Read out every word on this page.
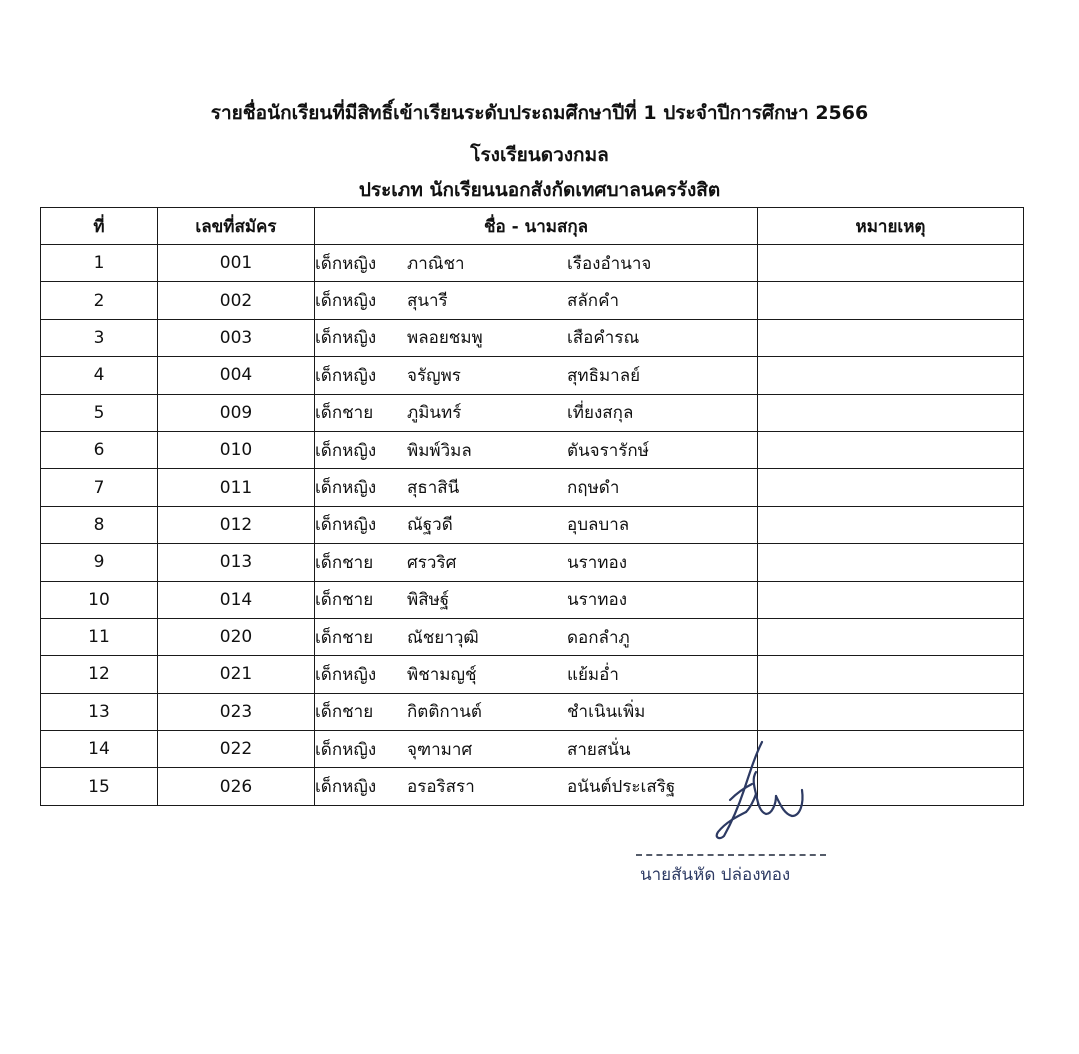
รายชื่อนักเรียนที่มีสิทธิ์เข้าเรียนระดับประถมศึกษาปีที่ 1 ประจำปีการศึกษา 2566
โรงเรียนดวงกมล
ประเภท นักเรียนนอกสังกัดเทศบาลนครรังสิต
ที่	เลขที่สมัคร	ชื่อ - นามสกุล	หมายเหตุ
1	001	เด็กหญิง ภาณิชา เรืองอำนาจ	
2	002	เด็กหญิง สุนารี สลักคำ	
3	003	เด็กหญิง พลอยชมพู เสือคำรณ	
4	004	เด็กหญิง จรัญพร สุทธิมาลย์	
5	009	เด็กชาย ภูมินทร์ เที่ยงสกุล	
6	010	เด็กหญิง พิมพ์วิมล ตันจรารักษ์	
7	011	เด็กหญิง สุธาสินี กฤษดำ	
8	012	เด็กหญิง ณัฐวดี อุบลบาล	
9	013	เด็กชาย ศรวริศ นราทอง	
10	014	เด็กชาย พิสิษฐ์ นราทอง	
11	020	เด็กชาย ณัชยาวุฒิ ดอกลำภู	
12	021	เด็กหญิง พิชามญชุ์ แย้มอ่ำ	
13	023	เด็กชาย กิตติกานต์ ชำเนินเพิ่ม	
14	022	เด็กหญิง จุฑามาศ สายสนั่น	
15	026	เด็กหญิง อรอริสรา อนันต์ประเสริฐ	
นายสันหัด ปล่องทอง
